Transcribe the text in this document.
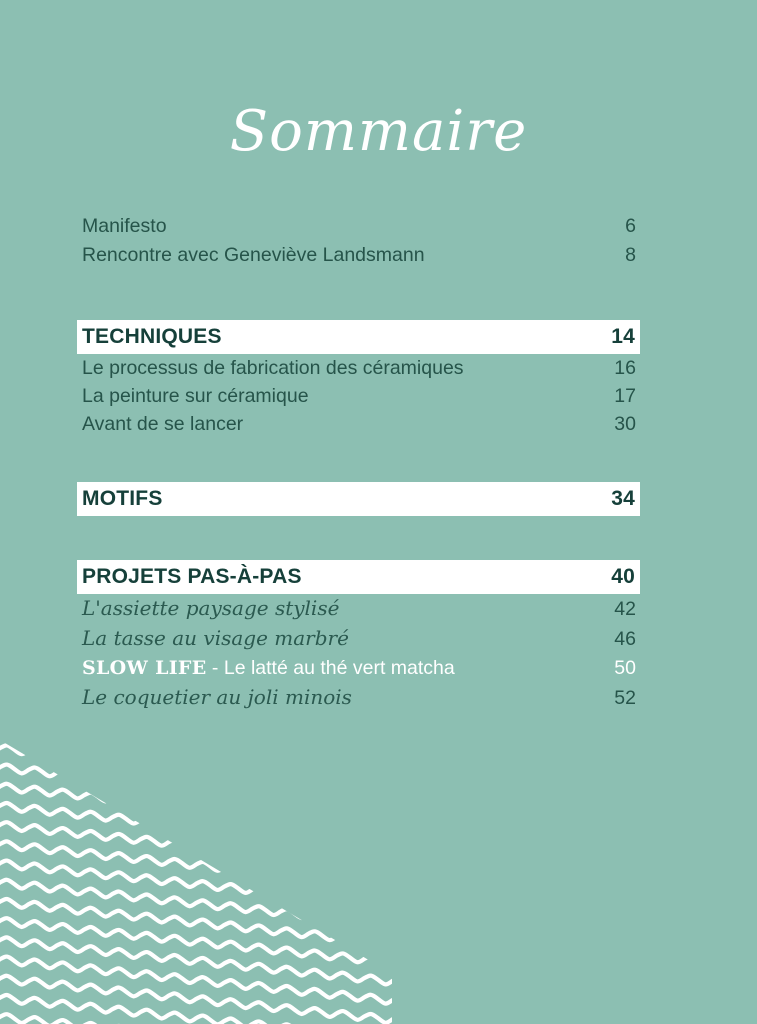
Sommaire
Manifesto	6
Rencontre avec Geneviève Landsmann	8
TECHNIQUES	14
Le processus de fabrication des céramiques	16
La peinture sur céramique	17
Avant de se lancer	30
MOTIFS	34
PROJETS PAS-À-PAS	40
L'assiette paysage stylisé	42
La tasse au visage marbré	46
SLOW LIFE - Le latté au thé vert matcha	50
Le coquetier au joli minois	52
